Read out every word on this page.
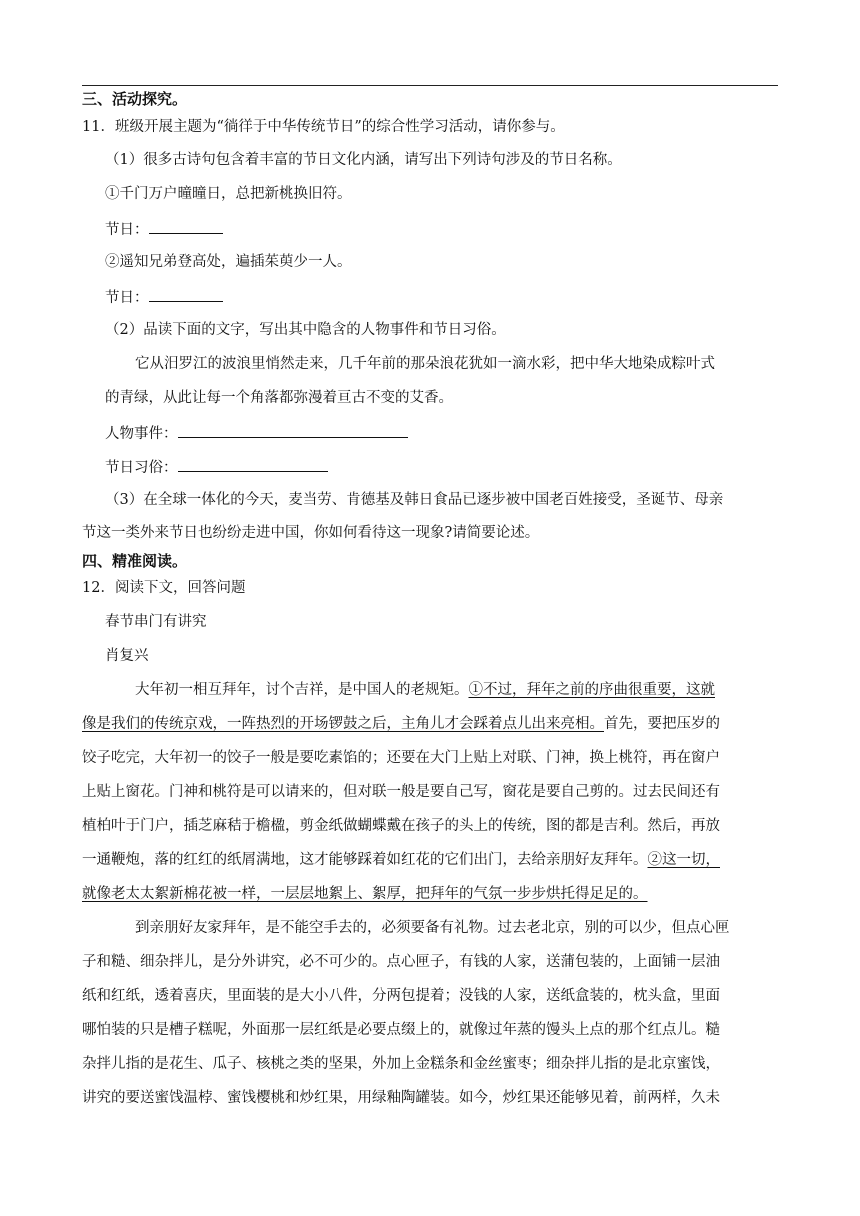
三、活动探究。
11．班级开展主题为“徜徉于中华传统节日”的综合性学习活动，请你参与。
（1）很多古诗句包含着丰富的节日文化内涵，请写出下列诗句涉及的节日名称。
①千门万户曈曈日，总把新桃换旧符。
节日：
②遥知兄弟登高处，遍插茱萸少一人。
节日：
（2）品读下面的文字，写出其中隐含的人物事件和节日习俗。
它从汨罗江的波浪里悄然走来，几千年前的那朵浪花犹如一滴水彩，把中华大地染成粽叶式
的青绿，从此让每一个角落都弥漫着亘古不变的艾香。
人物事件：
节日习俗：
（3）在全球一体化的今天，麦当劳、肯德基及韩日食品已逐步被中国老百姓接受，圣诞节、母亲
节这一类外来节日也纷纷走进中国，你如何看待这一现象?请简要论述。
四、精准阅读。
12．阅读下文，回答问题
春节串门有讲究
肖复兴
大年初一相互拜年，讨个吉祥，是中国人的老规矩。①不过，拜年之前的序曲很重要，这就
像是我们的传统京戏，一阵热烈的开场锣鼓之后，主角儿才会踩着点儿出来亮相。首先，要把压岁的
饺子吃完，大年初一的饺子一般是要吃素馅的；还要在大门上贴上对联、门神，换上桃符，再在窗户
上贴上窗花。门神和桃符是可以请来的，但对联一般是要自己写，窗花是要自己剪的。过去民间还有
植柏叶于门户，插芝麻秸于檐楹，剪金纸做蝴蝶戴在孩子的头上的传统，图的都是吉利。然后，再放
一通鞭炮，落的红红的纸屑满地，这才能够踩着如红花的它们出门，去给亲朋好友拜年。②这一切，
就像老太太絮新棉花被一样，一层层地絮上、絮厚，把拜年的气氛一步步烘托得足足的。
到亲朋好友家拜年，是不能空手去的，必须要备有礼物。过去老北京，别的可以少，但点心匣
子和糙、细杂拌儿，是分外讲究，必不可少的。点心匣子，有钱的人家，送蒲包装的，上面铺一层油
纸和红纸，透着喜庆，里面装的是大小八件，分两包提着；没钱的人家，送纸盒装的，枕头盒，里面
哪怕装的只是槽子糕呢，外面那一层红纸是必要点缀上的，就像过年蒸的馒头上点的那个红点儿。糙
杂拌儿指的是花生、瓜子、核桃之类的坚果，外加上金糕条和金丝蜜枣；细杂拌儿指的是北京蜜饯，
讲究的要送蜜饯温桲、蜜饯樱桃和炒红果，用绿釉陶罐装。如今，炒红果还能够见着，前两样，久未
